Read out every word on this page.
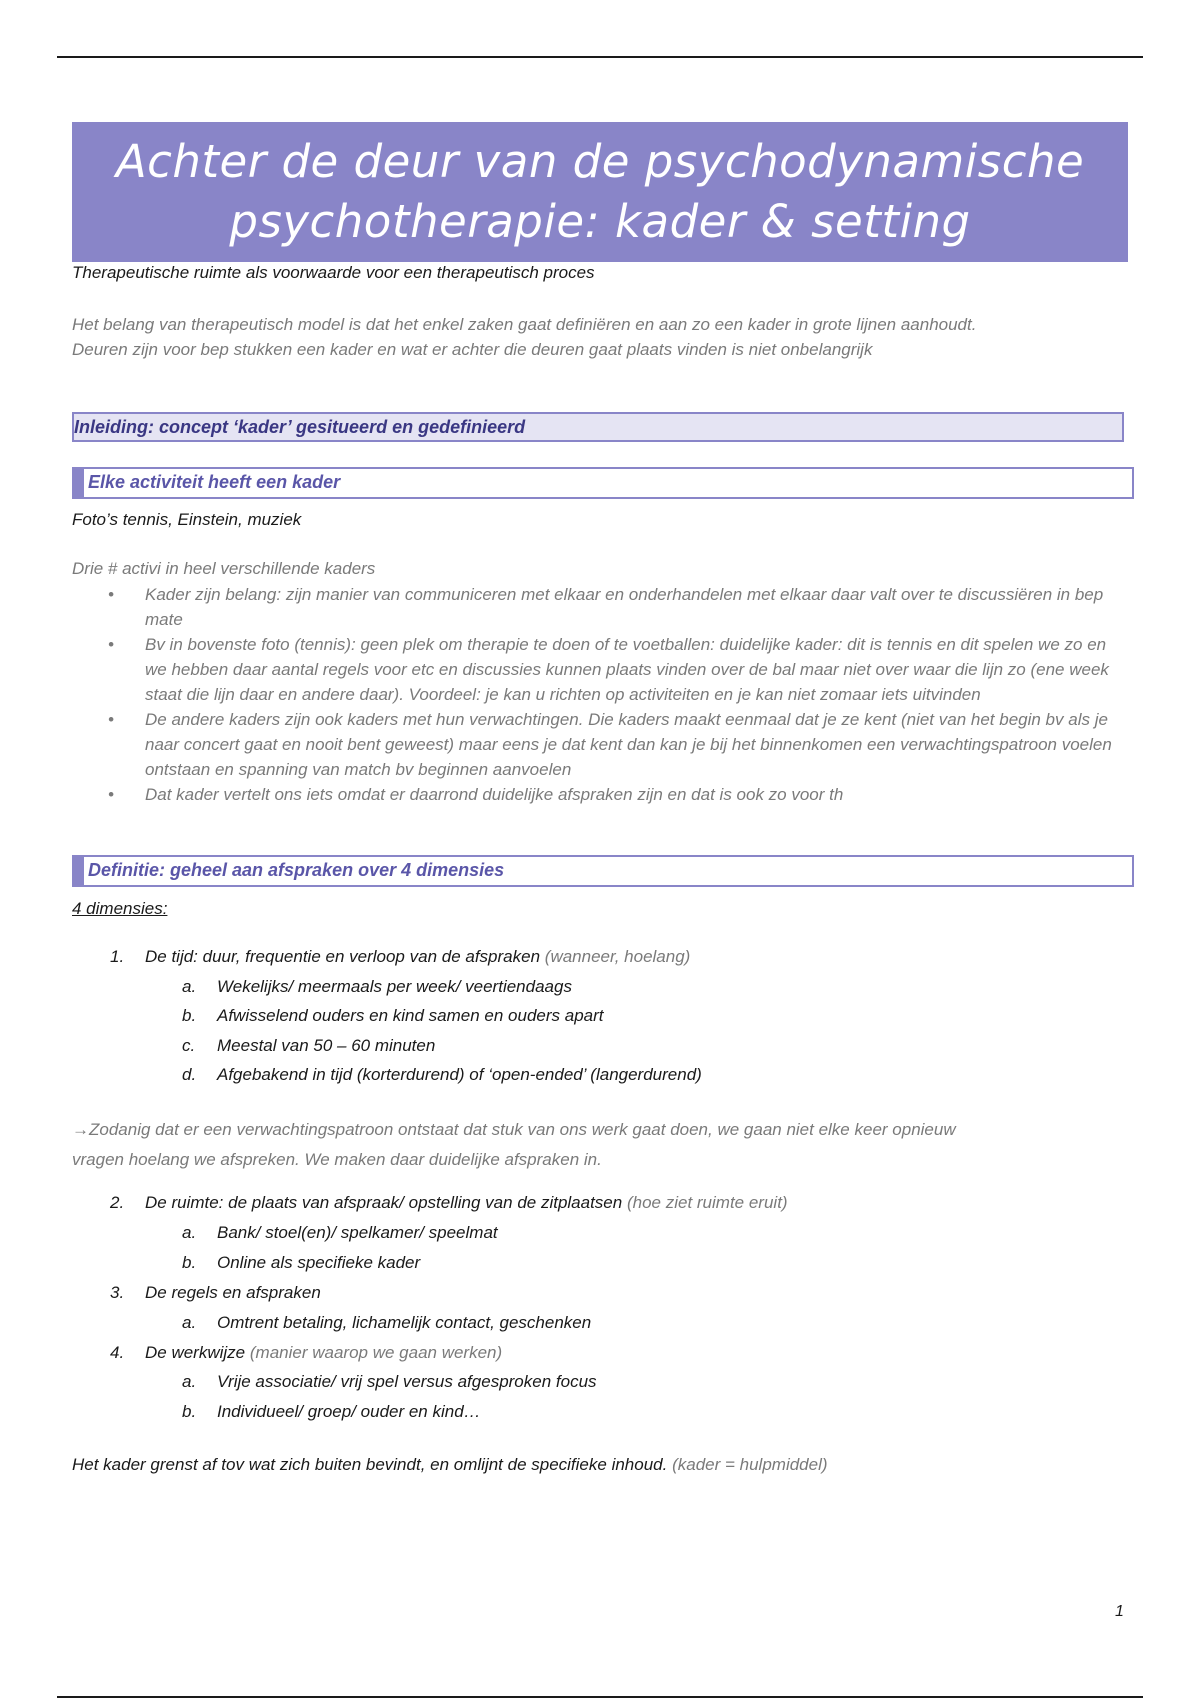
Achter de deur van de psychodynamische
psychotherapie: kader & setting
Therapeutische ruimte als voorwaarde voor een therapeutisch proces
Het belang van therapeutisch model is dat het enkel zaken gaat definiëren en aan zo een kader in grote lijnen aanhoudt.
Deuren zijn voor bep stukken een kader en wat er achter die deuren gaat plaats vinden is niet onbelangrijk
Inleiding: concept ‘kader’ gesitueerd en gedefinieerd
Elke activiteit heeft een kader
Foto’s tennis, Einstein, muziek
Drie # activi in heel verschillende kaders
• Kader zijn belang: zijn manier van communiceren met elkaar en onderhandelen met elkaar daar valt over te discussiëren in bep mate
• Bv in bovenste foto (tennis): geen plek om therapie te doen of te voetballen: duidelijke kader: dit is tennis en dit spelen we zo en we hebben daar aantal regels voor etc en discussies kunnen plaats vinden over de bal maar niet over waar die lijn zo (ene week staat die lijn daar en andere daar). Voordeel: je kan u richten op activiteiten en je kan niet zomaar iets uitvinden
• De andere kaders zijn ook kaders met hun verwachtingen. Die kaders maakt eenmaal dat je ze kent (niet van het begin bv als je naar concert gaat en nooit bent geweest) maar eens je dat kent dan kan je bij het binnenkomen een verwachtingspatroon voelen ontstaan en spanning van match bv beginnen aanvoelen
• Dat kader vertelt ons iets omdat er daarrond duidelijke afspraken zijn en dat is ook zo voor th
Definitie: geheel aan afspraken over 4 dimensies
4 dimensies:
1.	De tijd: duur, frequentie en verloop van de afspraken (wanneer, hoelang)
a. Wekelijks/ meermaals per week/ veertiendaags
b. Afwisselend ouders en kind samen en ouders apart
c. Meestal van 50 – 60 minuten
d. Afgebakend in tijd (korterdurend) of ‘open-ended’ (langerdurend)
→Zodanig dat er een verwachtingspatroon ontstaat dat stuk van ons werk gaat doen, we gaan niet elke keer opnieuw
vragen hoelang we afspreken. We maken daar duidelijke afspraken in.
2.	De ruimte: de plaats van afspraak/ opstelling van de zitplaatsen (hoe ziet ruimte eruit)
a. Bank/ stoel(en)/ spelkamer/ speelmat
b. Online als specifieke kader
3.	De regels en afspraken
a. Omtrent betaling, lichamelijk contact, geschenken
4.	De werkwijze (manier waarop we gaan werken)
a. Vrije associatie/ vrij spel versus afgesproken focus
b. Individueel/ groep/ ouder en kind…
Het kader grenst af tov wat zich buiten bevindt, en omlijnt de specifieke inhoud. (kader = hulpmiddel)
1
